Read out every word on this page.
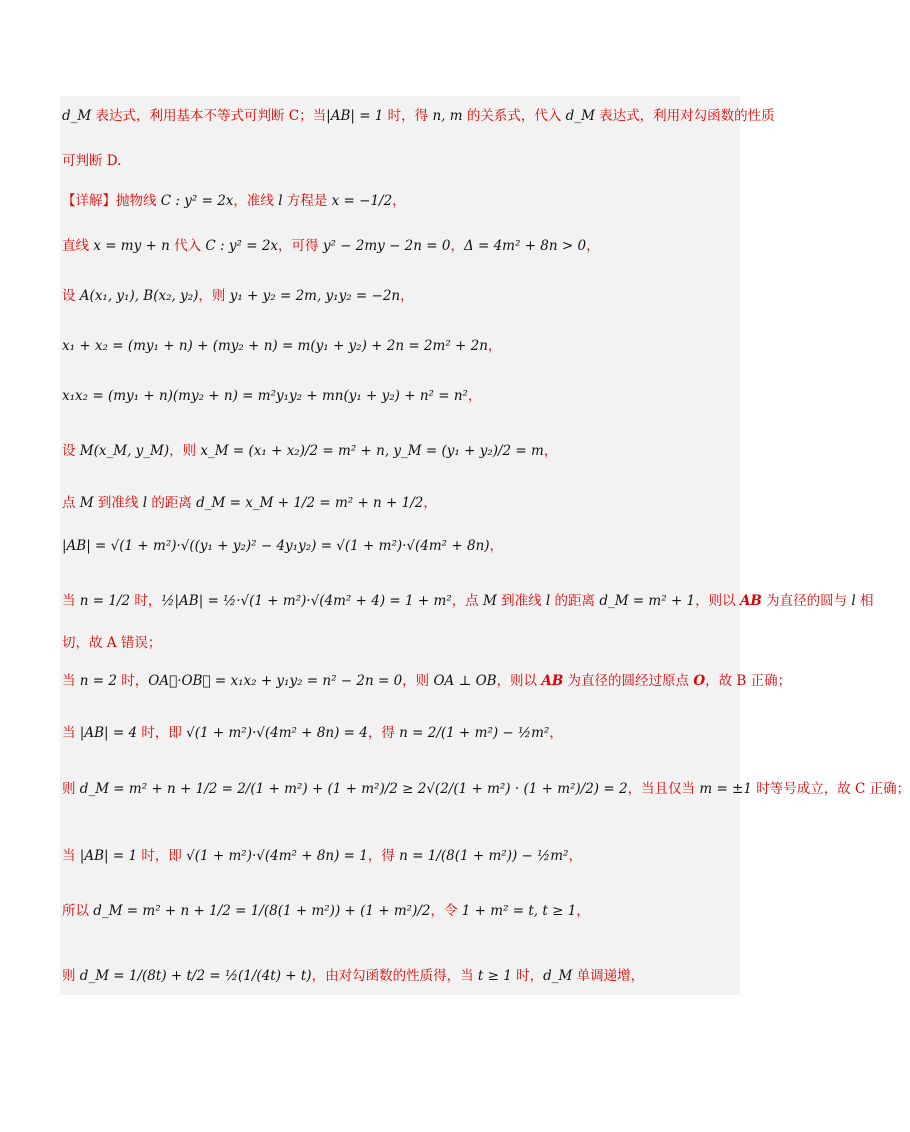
d_M 表达式，利用基本不等式可判断 C；当|AB| = 1 时，得 n, m 的关系式，代入 d_M 表达式，利用对勾函数的性质
可判断 D.
【详解】抛物线 C : y² = 2x，准线 l 方程是 x = −1/2，
直线 x = my + n 代入 C : y² = 2x，可得 y² − 2my − 2n = 0，Δ = 4m² + 8n > 0，
设 A(x₁, y₁), B(x₂, y₂)，则 y₁ + y₂ = 2m, y₁y₂ = −2n，
x₁ + x₂ = (my₁ + n) + (my₂ + n) = m(y₁ + y₂) + 2n = 2m² + 2n，
x₁x₂ = (my₁ + n)(my₂ + n) = m²y₁y₂ + mn(y₁ + y₂) + n² = n²，
设 M(x_M, y_M)，则 x_M = (x₁ + x₂)/2 = m² + n, y_M = (y₁ + y₂)/2 = m，
点 M 到准线 l 的距离 d_M = x_M + 1/2 = m² + n + 1/2，
|AB| = √(1 + m²)·√((y₁ + y₂)² − 4y₁y₂) = √(1 + m²)·√(4m² + 8n)，
当 n = 1/2 时，½|AB| = ½·√(1 + m²)·√(4m² + 4) = 1 + m²，点 M 到准线 l 的距离 d_M = m² + 1，则以 AB 为直径的圆与 l 相
切，故 A 错误；
当 n = 2 时，OA⃗·OB⃗ = x₁x₂ + y₁y₂ = n² − 2n = 0，则 OA ⊥ OB，则以 AB 为直径的圆经过原点 O，故 B 正确；
当 |AB| = 4 时，即 √(1 + m²)·√(4m² + 8n) = 4，得 n = 2/(1 + m²) − ½m²，
则 d_M = m² + n + 1/2 = 2/(1 + m²) + (1 + m²)/2 ≥ 2√(2/(1 + m²) · (1 + m²)/2) = 2，当且仅当 m = ±1 时等号成立，故 C 正确；
当 |AB| = 1 时，即 √(1 + m²)·√(4m² + 8n) = 1，得 n = 1/(8(1 + m²)) − ½m²，
所以 d_M = m² + n + 1/2 = 1/(8(1 + m²)) + (1 + m²)/2，令 1 + m² = t, t ≥ 1，
则 d_M = 1/(8t) + t/2 = ½(1/(4t) + t)，由对勾函数的性质得，当 t ≥ 1 时，d_M 单调递增，
